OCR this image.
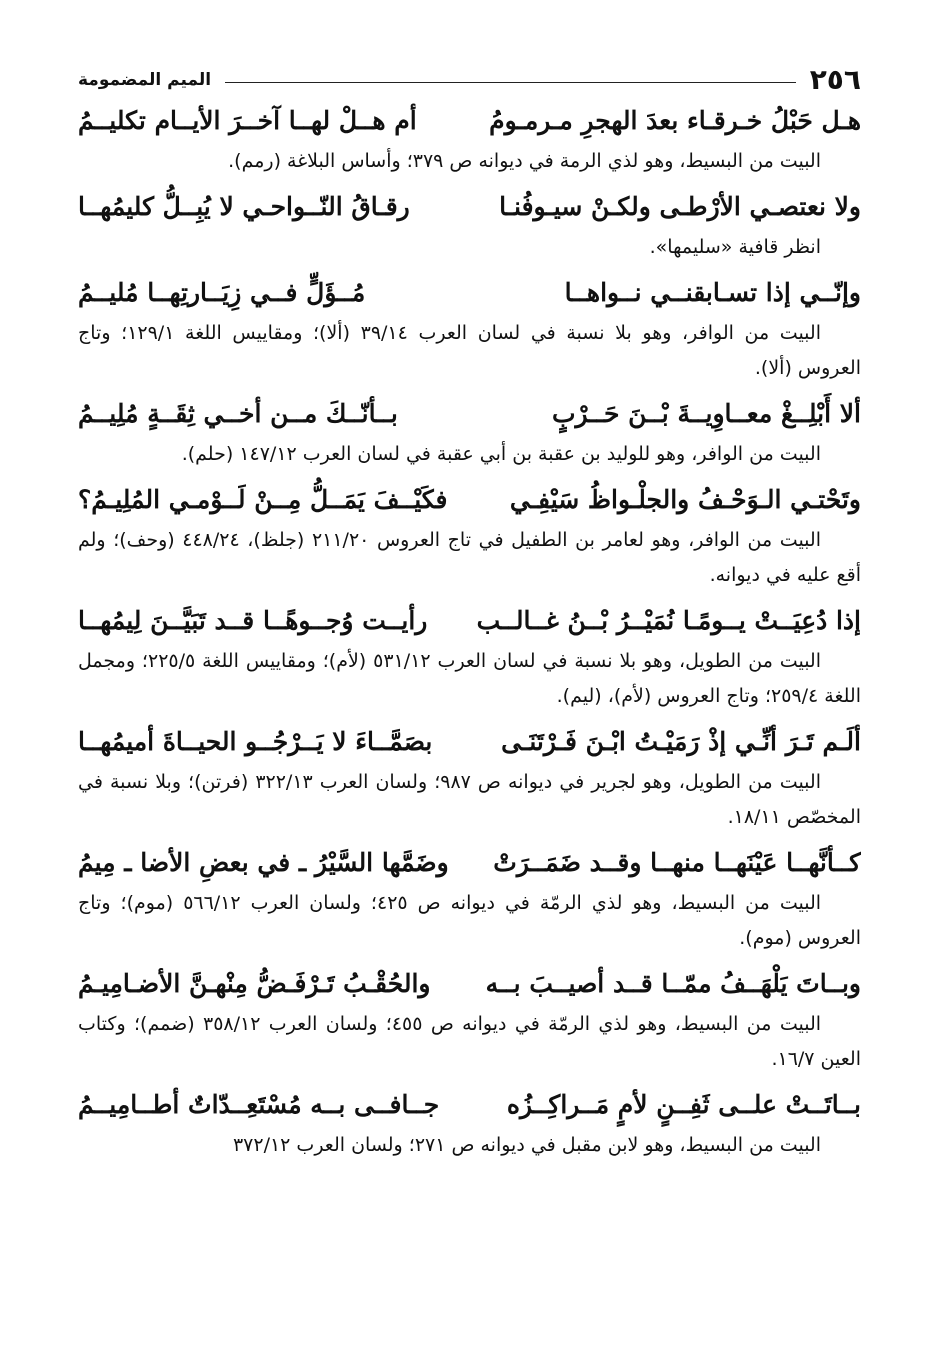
٢٥٦
الميم المضمومة
هـل حَبْلُ خـرقـاء بعدَ الهجرِ مـرمـومُ
أم هــلْ لهــا آخــرَ الأيــام تكليــمُ

البيت من البسيط، وهو لذي الرمة في ديوانه ص ٣٧٩؛ وأساس البلاغة (رمم).

ولا نعتصـي الأرْطـى ولكـنْ سيـوفُنـا
رقـاقُ النّــواحـي لا يُبِــلُّ كليمُهــا

انظر قافية «سليمها».

وإنّــي إذا تسـابقنــي نــواهــا
مُــؤَلٍّ فــي زِيَــارتِهــا مُليــمُ

البيت من الوافر، وهو بلا نسبة في لسان العرب ٣٩/١٤ (ألا)؛ ومقاييس اللغة ١٢٩/١؛ وتاج العروس (ألا).

ألا أَبْلِــغْ معــاوِيــةَ بْــنَ حَــرْبٍ
بــأنّــكَ مــن أخــي ثِقَــةٍ مُلِيــمُ

البيت من الوافر، وهو للوليد بن عقبة بن أبي عقبة في لسان العرب ١٤٧/١٢ (حلم).

وتَحْتـي الـوَحْـفُ والجلْـواظُ سَيْفِـي
فكَيْــفَ يَمَــلُّ مِــنْ لَــوْمـي المُلِيـمُ؟

البيت من الوافر، وهو لعامر بن الطفيل في تاج العروس ٢١١/٢٠ (جلظ)، ٤٤٨/٢٤ (وحف)؛ ولم أقع عليه في ديوانه.

إذا دُعِيَــتْ يــومًـا نُمَيْــرُ بْــنُ غــالــب
رأيــت وُجــوهًــا قــد تَبَيَّــنَ لِيمُهــا

البيت من الطويل، وهو بلا نسبة في لسان العرب ٥٣١/١٢ (لأم)؛ ومقاييس اللغة ٢٢٥/٥؛ ومجمل اللغة ٢٥٩/٤؛ وتاج العروس (لأم)، (ليم).

ألَـم تَـرَ أنِّـي إذْ رَمَيْـتُ ابْـنَ فَـرْتَنَـى
بصَمَّــاءَ لا يَــرْجُــو الحيــاةَ أميمُهــا

البيت من الطويل، وهو لجرير في ديوانه ص ٩٨٧؛ ولسان العرب ٣٢٢/١٣ (فرتن)؛ وبلا نسبة في المخصّص ١٨/١١.

كــأنَّهــا عَيْنَهــا منهــا وقــد ضَمَــرَتْ
وضَمَّها السَّيْرُ ـ في بعضِ الأضا ـ مِيمُ

البيت من البسيط، وهو لذي الرمّة في ديوانه ص ٤٢٥؛ ولسان العرب ٥٦٦/١٢ (موم)؛ وتاج العروس (موم).

وبــاتَ يَلْهَــفُ ممّــا قــد أصيــبَ بــه
والحُقْـبُ تَـرْفَـضُّ مِنْهـنَّ الأضـامِيـمُ

البيت من البسيط، وهو لذي الرمّة في ديوانه ص ٤٥٥؛ ولسان العرب ٣٥٨/١٢ (ضمم)؛ وكتاب العين ١٦/٧.

بــاتَــتْ علــى ثَفِــنٍ لأمٍ مَــراكِــزُه
جــافــى بــه مُسْتَعِــدّاتٌ أطــامِيــمُ

البيت من البسيط، وهو لابن مقبل في ديوانه ص ٢٧١؛ ولسان العرب ٣٧٢/١٢
